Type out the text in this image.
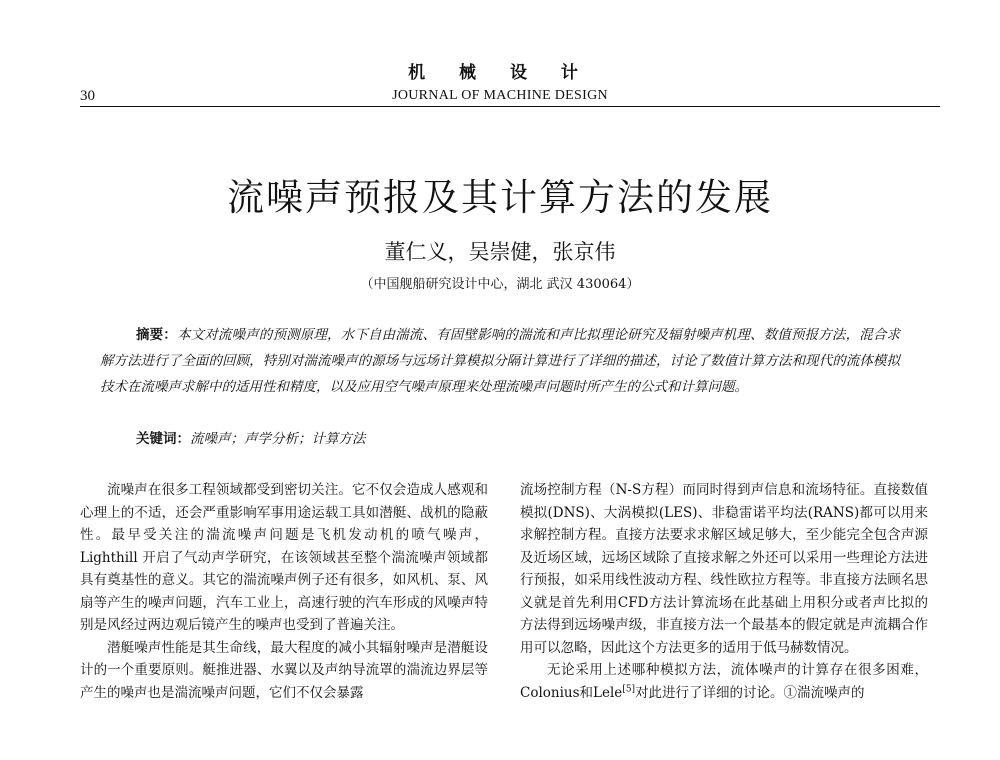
机 械 设 计
30	JOURNAL OF MACHINE DESIGN
流噪声预报及其计算方法的发展
董仁义，吴崇健，张京伟
（中国舰船研究设计中心，湖北 武汉 430064）
摘要：本文对流噪声的预测原理，水下自由湍流、有固壁影响的湍流和声比拟理论研究及辐射噪声机理、数值预报方法，混合求解方法进行了全面的回顾，特别对湍流噪声的源场与远场计算模拟分隔计算进行了详细的描述，讨论了数值计算方法和现代的流体模拟技术在流噪声求解中的适用性和精度，以及应用空气噪声原理来处理流噪声问题时所产生的公式和计算问题。
关键词：流噪声；声学分析；计算方法

流噪声在很多工程领域都受到密切关注。它不仅会造成人感观和心理上的不适，还会严重影响军事用途运载工具如潜艇、战机的隐蔽性。最早受关注的湍流噪声问题是飞机发动机的喷气噪声，Lighthill 开启了气动声学研究，在该领域甚至整个湍流噪声领域都具有奠基性的意义。其它的湍流噪声例子还有很多，如风机、泵、风扇等产生的噪声问题，汽车工业上，高速行驶的汽车形成的风噪声特别是风经过两边观后镜产生的噪声也受到了普遍关注。

潜艇噪声性能是其生命线，最大程度的减小其辐射噪声是潜艇设计的一个重要原则。艇推进器、水翼以及声纳导流罩的湍流边界层等产生的噪声也是湍流噪声问题，它们不仅会暴露

流场控制方程（N-S方程）而同时得到声信息和流场特征。直接数值模拟(DNS)、大涡模拟(LES)、非稳雷诺平均法(RANS)都可以用来求解控制方程。直接方法要求求解区域足够大，至少能完全包含声源及近场区域，远场区域除了直接求解之外还可以采用一些理论方法进行预报，如采用线性波动方程、线性欧拉方程等。非直接方法顾名思义就是首先利用CFD方法计算流场在此基础上用积分或者声比拟的方法得到远场噪声级，非直接方法一个最基本的假定就是声流耦合作用可以忽略，因此这个方法更多的适用于低马赫数情况。

无论采用上述哪种模拟方法，流体噪声的计算存在很多困难，Colonius和Lele[5]对此进行了详细的讨论。①湍流噪声的
